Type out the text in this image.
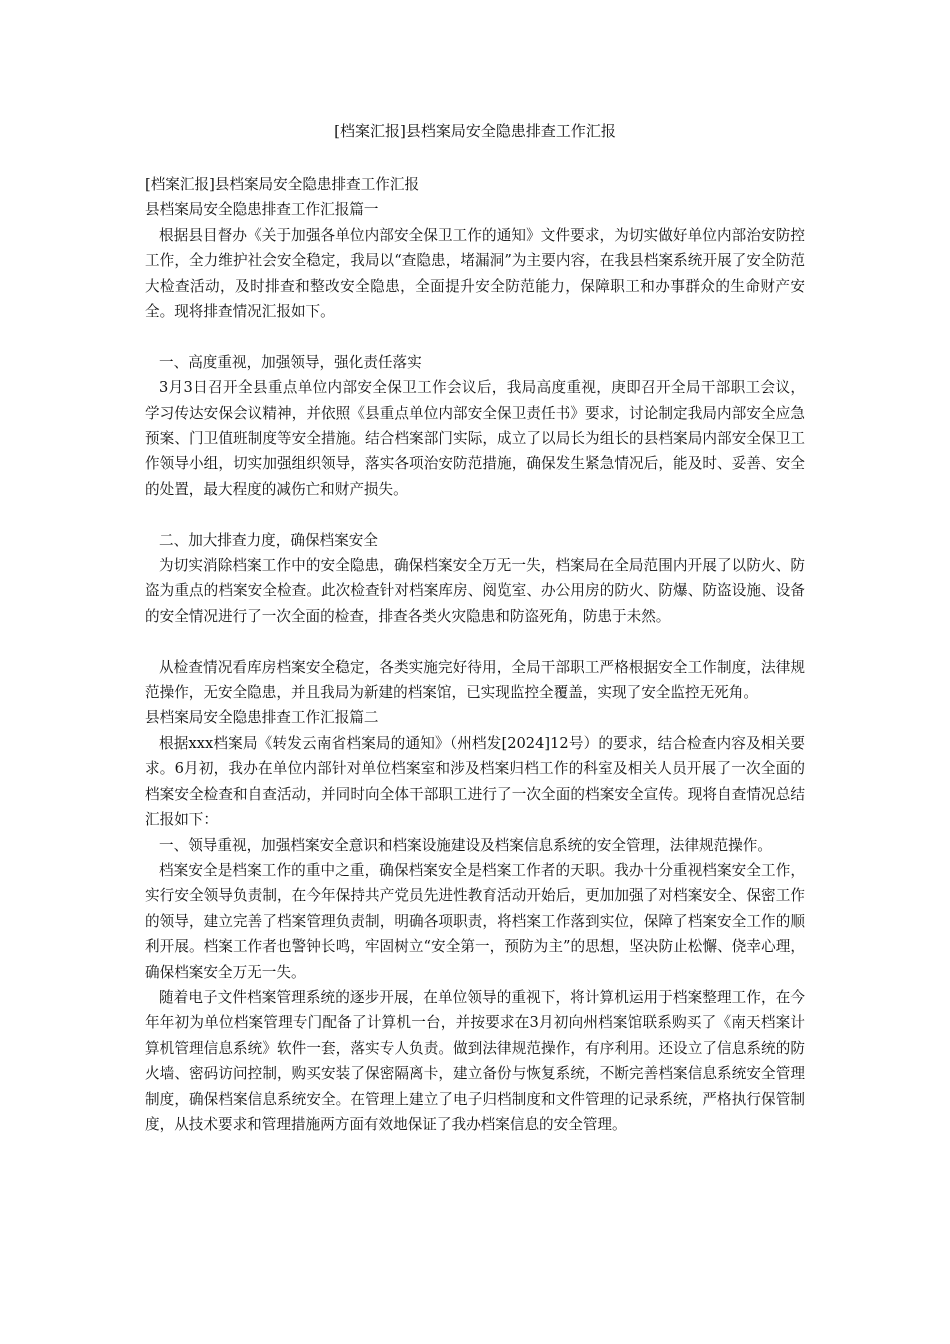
[档案汇报]县档案局安全隐患排查工作汇报

[档案汇报]县档案局安全隐患排查工作汇报

县档案局安全隐患排查工作汇报篇一

根据县目督办《关于加强各单位内部安全保卫工作的通知》文件要求，为切实做好单位内部治安防控工作，全力维护社会安全稳定，我局以“查隐患，堵漏洞”为主要内容，在我县档案系统开展了安全防范大检查活动，及时排查和整改安全隐患，全面提升安全防范能力，保障职工和办事群众的生命财产安全。现将排查情况汇报如下。

一、高度重视，加强领导，强化责任落实

3月3日召开全县重点单位内部安全保卫工作会议后，我局高度重视，庚即召开全局干部职工会议，学习传达安保会议精神，并依照《县重点单位内部安全保卫责任书》要求，讨论制定我局内部安全应急预案、门卫值班制度等安全措施。结合档案部门实际，成立了以局长为组长的县档案局内部安全保卫工作领导小组，切实加强组织领导，落实各项治安防范措施，确保发生紧急情况后，能及时、妥善、安全的处置，最大程度的减伤亡和财产损失。

二、加大排查力度，确保档案安全

为切实消除档案工作中的安全隐患，确保档案安全万无一失，档案局在全局范围内开展了以防火、防盗为重点的档案安全检查。此次检查针对档案库房、阅览室、办公用房的防火、防爆、防盗设施、设备的安全情况进行了一次全面的检查，排查各类火灾隐患和防盗死角，防患于未然。

从检查情况看库房档案安全稳定，各类实施完好待用，全局干部职工严格根据安全工作制度，法律规范操作，无安全隐患，并且我局为新建的档案馆，已实现监控全覆盖，实现了安全监控无死角。

县档案局安全隐患排查工作汇报篇二

根据xxx档案局《转发云南省档案局的通知》（州档发[2024]12号）的要求，结合检查内容及相关要求。6月初，我办在单位内部针对单位档案室和涉及档案归档工作的科室及相关人员开展了一次全面的档案安全检查和自查活动，并同时向全体干部职工进行了一次全面的档案安全宣传。现将自查情况总结汇报如下：

一、领导重视，加强档案安全意识和档案设施建设及档案信息系统的安全管理，法律规范操作。

档案安全是档案工作的重中之重，确保档案安全是档案工作者的天职。我办十分重视档案安全工作，实行安全领导负责制，在今年保持共产党员先进性教育活动开始后，更加加强了对档案安全、保密工作的领导，建立完善了档案管理负责制，明确各项职责，将档案工作落到实位，保障了档案安全工作的顺利开展。档案工作者也警钟长鸣，牢固树立“安全第一，预防为主”的思想，坚决防止松懈、侥幸心理，确保档案安全万无一失。

随着电子文件档案管理系统的逐步开展，在单位领导的重视下，将计算机运用于档案整理工作，在今年年初为单位档案管理专门配备了计算机一台，并按要求在3月初向州档案馆联系购买了《南天档案计算机管理信息系统》软件一套，落实专人负责。做到法律规范操作，有序利用。还设立了信息系统的防火墙、密码访问控制，购买安装了保密隔离卡，建立备份与恢复系统，不断完善档案信息系统安全管理制度，确保档案信息系统安全。在管理上建立了电子归档制度和文件管理的记录系统，严格执行保管制度，从技术要求和管理措施两方面有效地保证了我办档案信息的安全管理。
